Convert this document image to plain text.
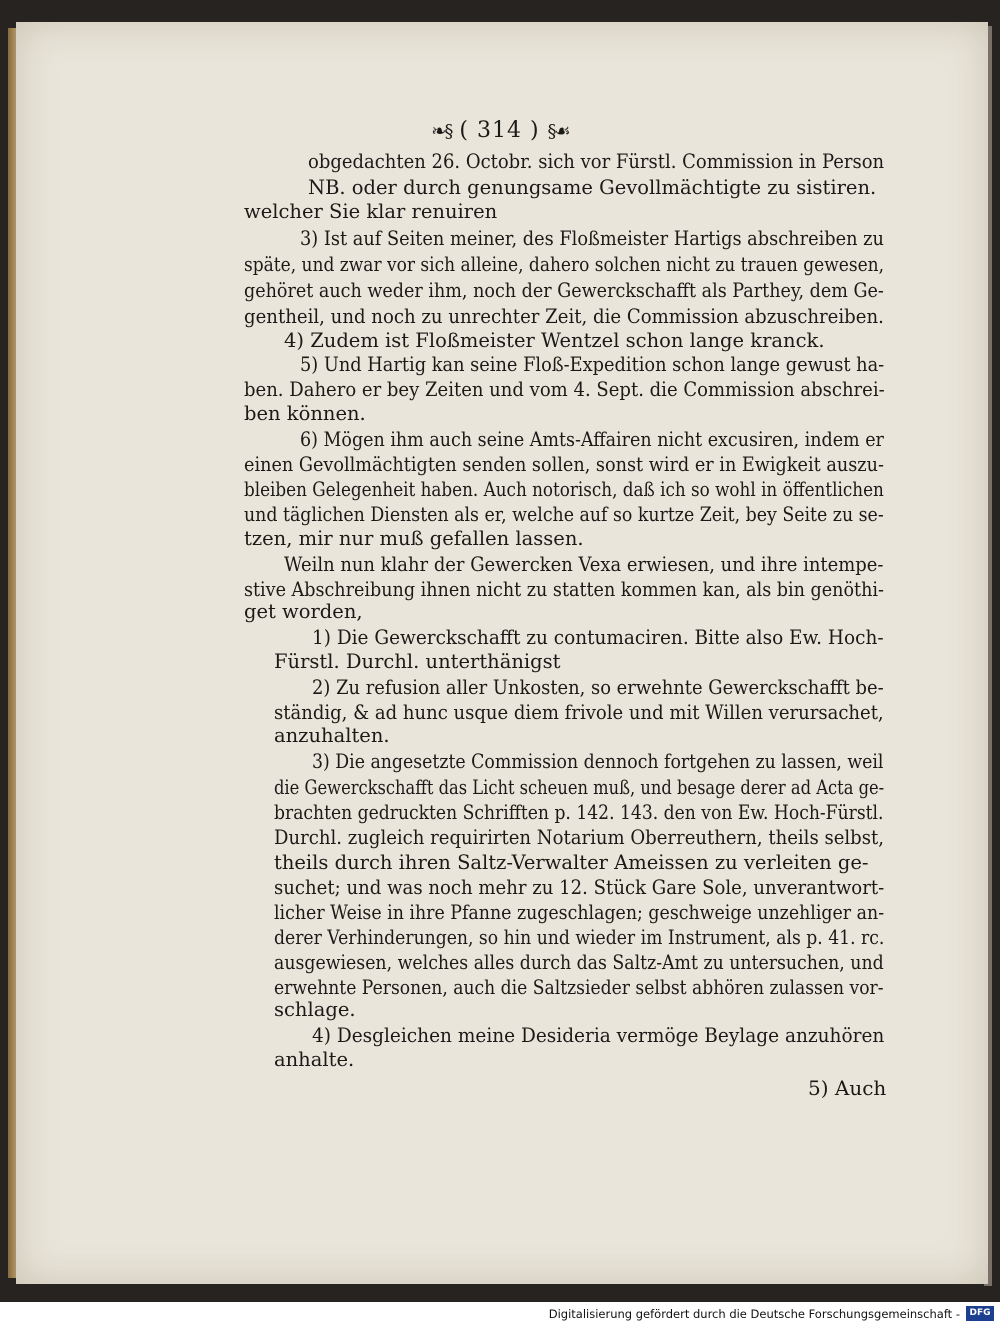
❧§ ( 314 ) §☙
obgedachten 26. Octobr. sich vor Fürstl. Commission in Person
NB. oder durch genungsame Gevollmächtigte zu sistiren.
welcher Sie klar renuiren
3) Ist auf Seiten meiner, des Floßmeister Hartigs abschreiben zu
späte, und zwar vor sich alleine, dahero solchen nicht zu trauen gewesen,
gehöret auch weder ihm, noch der Gewerckschafft als Parthey, dem Ge-
gentheil, und noch zu unrechter Zeit, die Commission abzuschreiben.
4) Zudem ist Floßmeister Wentzel schon lange kranck.
5) Und Hartig kan seine Floß-Expedition schon lange gewust ha-
ben. Dahero er bey Zeiten und vom 4. Sept. die Commission abschrei-
ben können.
6) Mögen ihm auch seine Amts-Affairen nicht excusiren, indem er
einen Gevollmächtigten senden sollen, sonst wird er in Ewigkeit auszu-
bleiben Gelegenheit haben. Auch notorisch, daß ich so wohl in öffentlichen
und täglichen Diensten als er, welche auf so kurtze Zeit, bey Seite zu se-
tzen, mir nur muß gefallen lassen.
Weiln nun klahr der Gewercken Vexa erwiesen, und ihre intempe-
stive Abschreibung ihnen nicht zu statten kommen kan, als bin genöthi-
get worden,
1) Die Gewerckschafft zu contumaciren. Bitte also Ew. Hoch-
Fürstl. Durchl. unterthänigst
2) Zu refusion aller Unkosten, so erwehnte Gewerckschafft be-
ständig, & ad hunc usque diem frivole und mit Willen verursachet,
anzuhalten.
3) Die angesetzte Commission dennoch fortgehen zu lassen, weil
die Gewerckschafft das Licht scheuen muß, und besage derer ad Acta ge-
brachten gedruckten Schrifften p. 142. 143. den von Ew. Hoch-Fürstl.
Durchl. zugleich requirirten Notarium Oberreuthern, theils selbst,
theils durch ihren Saltz-Verwalter Ameissen zu verleiten ge-
suchet; und was noch mehr zu 12. Stück Gare Sole, unverantwort-
licher Weise in ihre Pfanne zugeschlagen; geschweige unzehliger an-
derer Verhinderungen, so hin und wieder im Instrument, als p. 41. rc.
ausgewiesen, welches alles durch das Saltz-Amt zu untersuchen, und
erwehnte Personen, auch die Saltzsieder selbst abhören zulassen vor-
schlage.
4) Desgleichen meine Desideria vermöge Beylage anzuhören
anhalte.
5) Auch
Digitalisierung gefördert durch die Deutsche Forschungsgemeinschaft -	DFG
